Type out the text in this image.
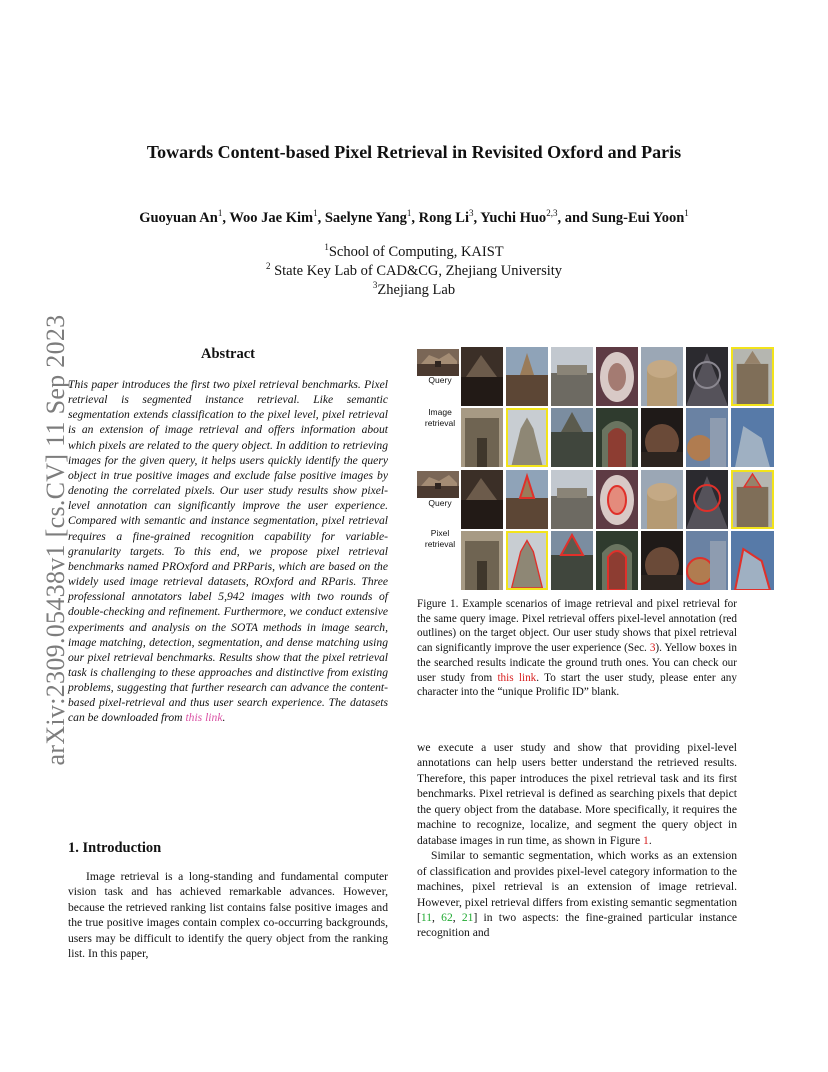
arXiv:2309.05438v1 [cs.CV] 11 Sep 2023
Towards Content-based Pixel Retrieval in Revisited Oxford and Paris
Guoyuan An$^1$, Woo Jae Kim$^1$, Saelyne Yang$^1$, Rong Li$^3$, Yuchi Huo$^{2,3}$, and Sung-Eui Yoon$^1$
$^1$School of Computing, KAIST
$^2$ State Key Lab of CAD&CG, Zhejiang University
$^3$Zhejiang Lab
Abstract
This paper introduces the first two pixel retrieval benchmarks. Pixel retrieval is segmented instance retrieval. Like semantic segmentation extends classification to the pixel level, pixel retrieval is an extension of image retrieval and offers information about which pixels are related to the query object. In addition to retrieving images for the given query, it helps users quickly identify the query object in true positive images and exclude false positive images by denoting the correlated pixels. Our user study results show pixel-level annotation can significantly improve the user experience. Compared with semantic and instance segmentation, pixel retrieval requires a fine-grained recognition capability for variable-granularity targets. To this end, we propose pixel retrieval benchmarks named PROxford and PRParis, which are based on the widely used image retrieval datasets, ROxford and RParis. Three professional annotators label 5,942 images with two rounds of double-checking and refinement. Furthermore, we conduct extensive experiments and analysis on the SOTA methods in image search, image matching, detection, segmentation, and dense matching using our pixel retrieval benchmarks. Results show that the pixel retrieval task is challenging to these approaches and distinctive from existing problems, suggesting that further research can advance the content-based pixel-retrieval and thus user search experience. The datasets can be downloaded from this link.
1. Introduction

Image retrieval is a long-standing and fundamental computer vision task and has achieved remarkable advances. However, because the retrieved ranking list contains false positive images and the true positive images contain complex co-occurring backgrounds, users may be difficult to identify the query object from the ranking list. In this paper,

Query
Image retrieval
Query
Pixel retrieval
Figure 1. Example scenarios of image retrieval and pixel retrieval for the same query image. Pixel retrieval offers pixel-level annotation (red outlines) on the target object. Our user study shows that pixel retrieval can significantly improve the user experience (Sec. 3). Yellow boxes in the searched results indicate the ground truth ones. You can check our user study from this link. To start the user study, please enter any character into the “unique Prolific ID” blank.

we execute a user study and show that providing pixel-level annotations can help users better understand the retrieved results. Therefore, this paper introduces the pixel retrieval task and its first benchmarks. Pixel retrieval is defined as searching pixels that depict the query object from the database. More specifically, it requires the machine to recognize, localize, and segment the query object in database images in run time, as shown in Figure 1.

Similar to semantic segmentation, which works as an extension of classification and provides pixel-level category information to the machines, pixel retrieval is an extension of image retrieval. However, pixel retrieval differs from existing semantic segmentation [11, 62, 21] in two aspects: the fine-grained particular instance recognition and
